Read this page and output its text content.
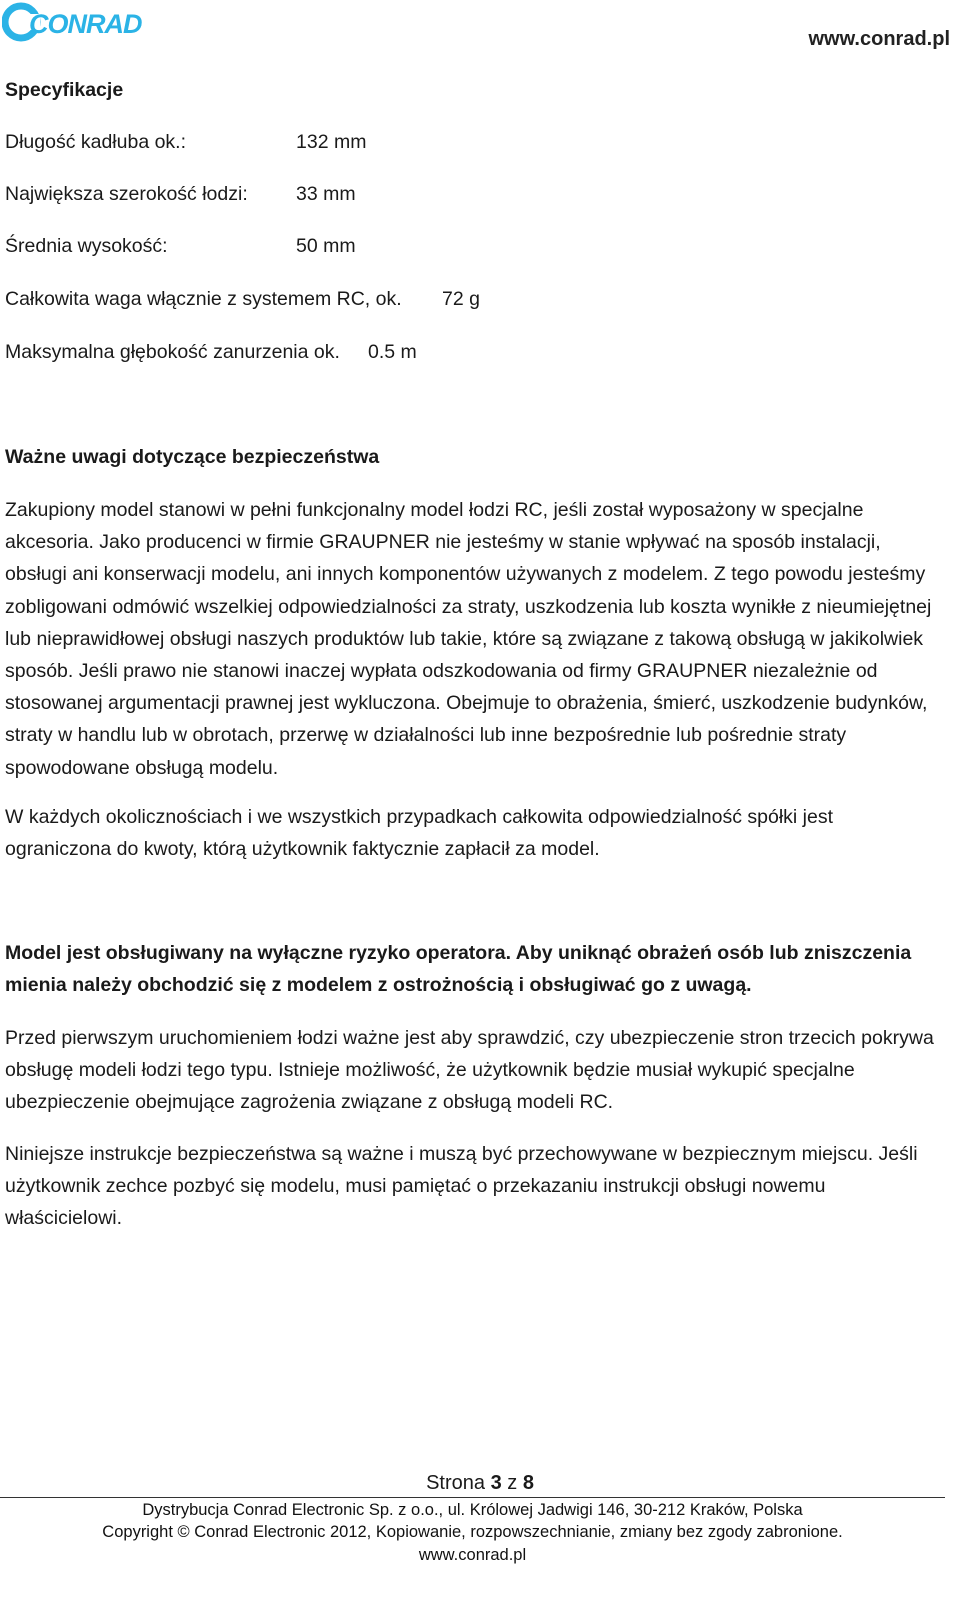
CONRAD	www.conrad.pl
Specyfikacje
Długość kadłuba ok.:	132 mm
Największa szerokość łodzi: 33 mm
Średnia wysokość:	50 mm
Całkowita waga włącznie z systemem RC, ok. 72 g
Maksymalna głębokość zanurzenia ok. 0.5 m
Ważne uwagi dotyczące bezpieczeństwa
Zakupiony model stanowi w pełni funkcjonalny model łodzi RC, jeśli został wyposażony w specjalne akcesoria. Jako producenci w firmie GRAUPNER nie jesteśmy w stanie wpływać na sposób instalacji, obsługi ani konserwacji modelu, ani innych komponentów używanych z modelem. Z tego powodu jesteśmy zobligowani odmówić wszelkiej odpowiedzialności za straty, uszkodzenia lub koszta wynikłe z nieumiejętnej lub nieprawidłowej obsługi naszych produktów lub takie, które są związane z takową obsługą w jakikolwiek sposób. Jeśli prawo nie stanowi inaczej wypłata odszkodowania od firmy GRAUPNER niezależnie od stosowanej argumentacji prawnej jest wykluczona. Obejmuje to obrażenia, śmierć, uszkodzenie budynków, straty w handlu lub w obrotach, przerwę w działalności lub inne bezpośrednie lub pośrednie straty spowodowane obsługą modelu.
W każdych okolicznościach i we wszystkich przypadkach całkowita odpowiedzialność spółki jest ograniczona do kwoty, którą użytkownik faktycznie zapłacił za model.
Model jest obsługiwany na wyłączne ryzyko operatora. Aby uniknąć obrażeń osób lub zniszczenia mienia należy obchodzić się z modelem z ostrożnością i obsługiwać go z uwagą.
Przed pierwszym uruchomieniem łodzi ważne jest aby sprawdzić, czy ubezpieczenie stron trzecich pokrywa obsługę modeli łodzi tego typu. Istnieje możliwość, że użytkownik będzie musiał wykupić specjalne ubezpieczenie obejmujące zagrożenia związane z obsługą modeli RC.
Niniejsze instrukcje bezpieczeństwa są ważne i muszą być przechowywane w bezpiecznym miejscu. Jeśli użytkownik zechce pozbyć się modelu, musi pamiętać o przekazaniu instrukcji obsługi nowemu właścicielowi.
Strona 3 z 8
Dystrybucja Conrad Electronic Sp. z o.o., ul. Królowej Jadwigi 146, 30-212 Kraków, Polska
Copyright © Conrad Electronic 2012, Kopiowanie, rozpowszechnianie, zmiany bez zgody zabronione.
www.conrad.pl
